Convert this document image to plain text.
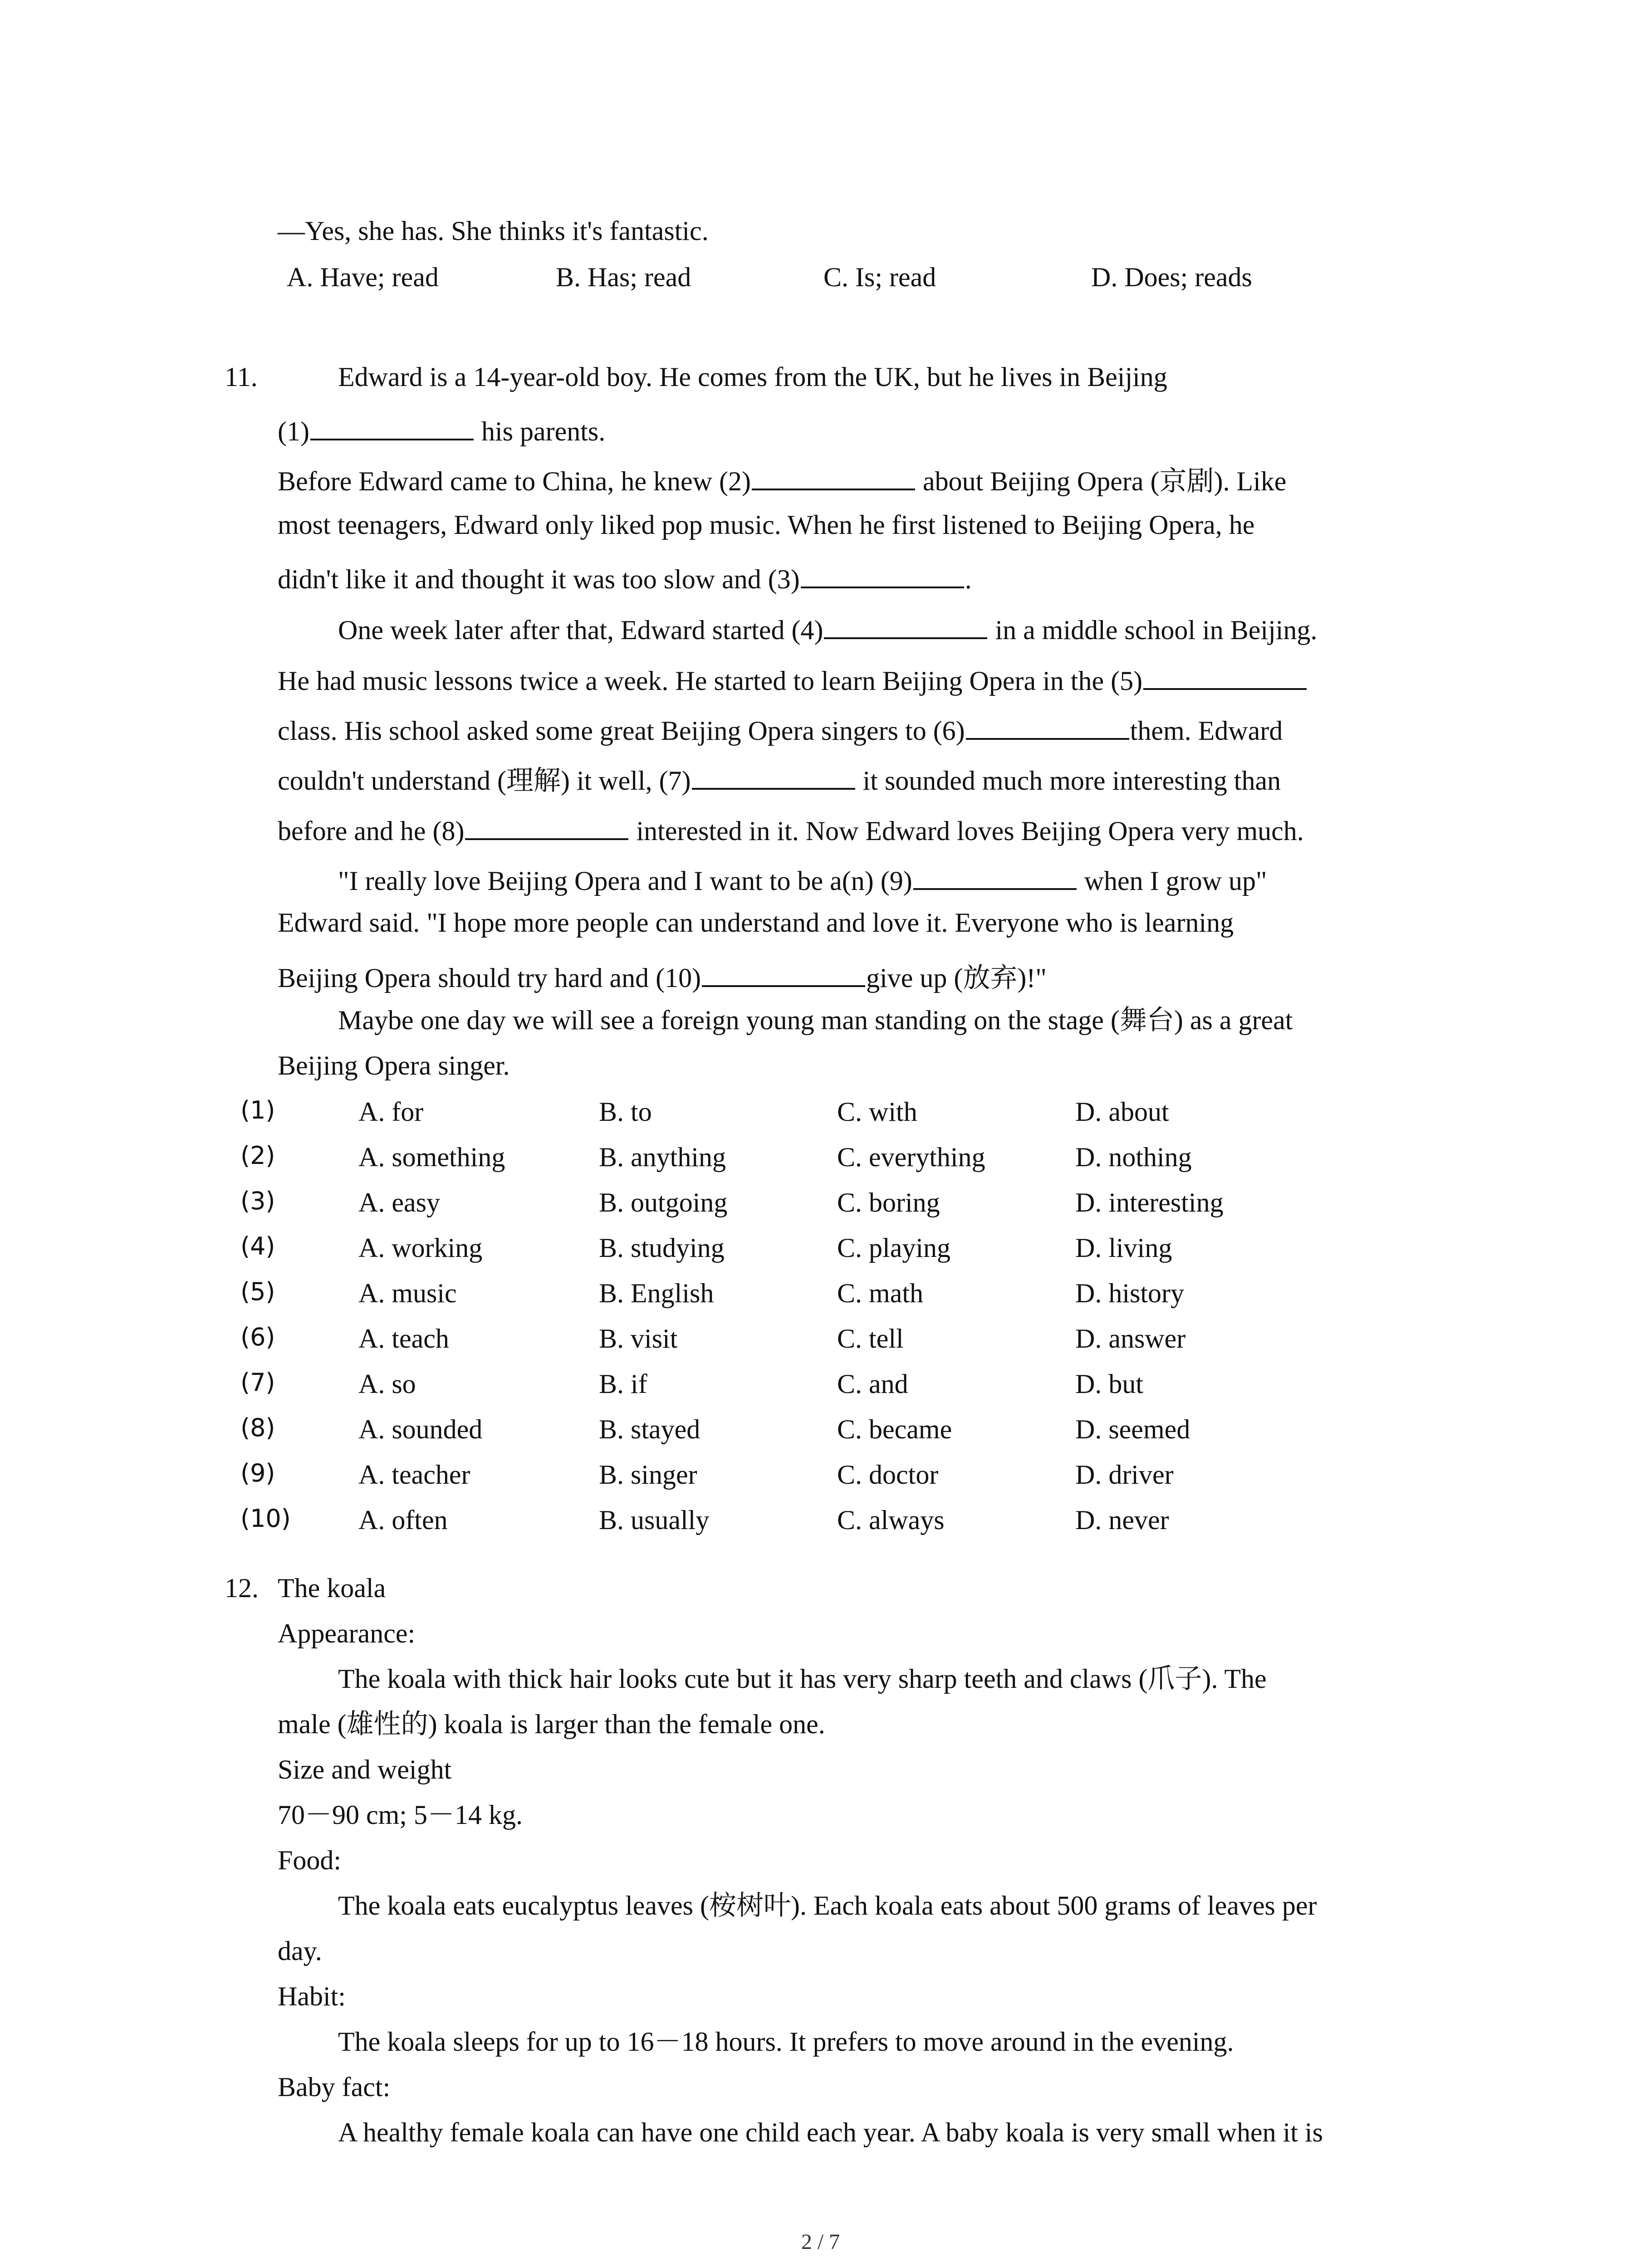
—Yes, she has. She thinks it's fantastic.
A. Have; read	B. Has; read	C. Is; read	D. Does; reads
11.	Edward is a 14-year-old boy. He comes from the UK, but he lives in Beijing
(1)	his parents.
Before Edward came to China, he knew (2)	about Beijing Opera (京剧). Like
most teenagers, Edward only liked pop music. When he first listened to Beijing Opera, he
didn't like it and thought it was too slow and (3)	.
One week later after that, Edward started (4)	in a middle school in Beijing.
He had music lessons twice a week. He started to learn Beijing Opera in the (5)
class. His school asked some great Beijing Opera singers to (6)	them. Edward
couldn't understand (理解) it well, (7)	it sounded much more interesting than
before and he (8)	interested in it. Now Edward loves Beijing Opera very much.
"I really love Beijing Opera and I want to be a(n) (9)	when I grow up"
Edward said. "I hope more people can understand and love it. Everyone who is learning
Beijing Opera should try hard and (10)	give up (放弃)!"
Maybe one day we will see a foreign young man standing on the stage (舞台) as a great
Beijing Opera singer.
(1)	A. for	B. to	C. with	D. about
(2)	A. something	B. anything	C. everything	D. nothing
(3)	A. easy	B. outgoing	C. boring	D. interesting
(4)	A. working	B. studying	C. playing	D. living
(5)	A. music	B. English	C. math	D. history
(6)	A. teach	B. visit	C. tell	D. answer
(7)	A. so	B. if	C. and	D. but
(8)	A. sounded	B. stayed	C. became	D. seemed
(9)	A. teacher	B. singer	C. doctor	D. driver
(10) A. often	B. usually	C. always	D. never
12. The koala
Appearance:
The koala with thick hair looks cute but it has very sharp teeth and claws (爪子). The
male (雄性的) koala is larger than the female one.
Size and weight
70－90 cm; 5－14 kg.
Food:
The koala eats eucalyptus leaves (桉树叶). Each koala eats about 500 grams of leaves per
day.
Habit:
The koala sleeps for up to 16－18 hours. It prefers to move around in the evening.
Baby fact:
A healthy female koala can have one child each year. A baby koala is very small when it is
2 / 7
